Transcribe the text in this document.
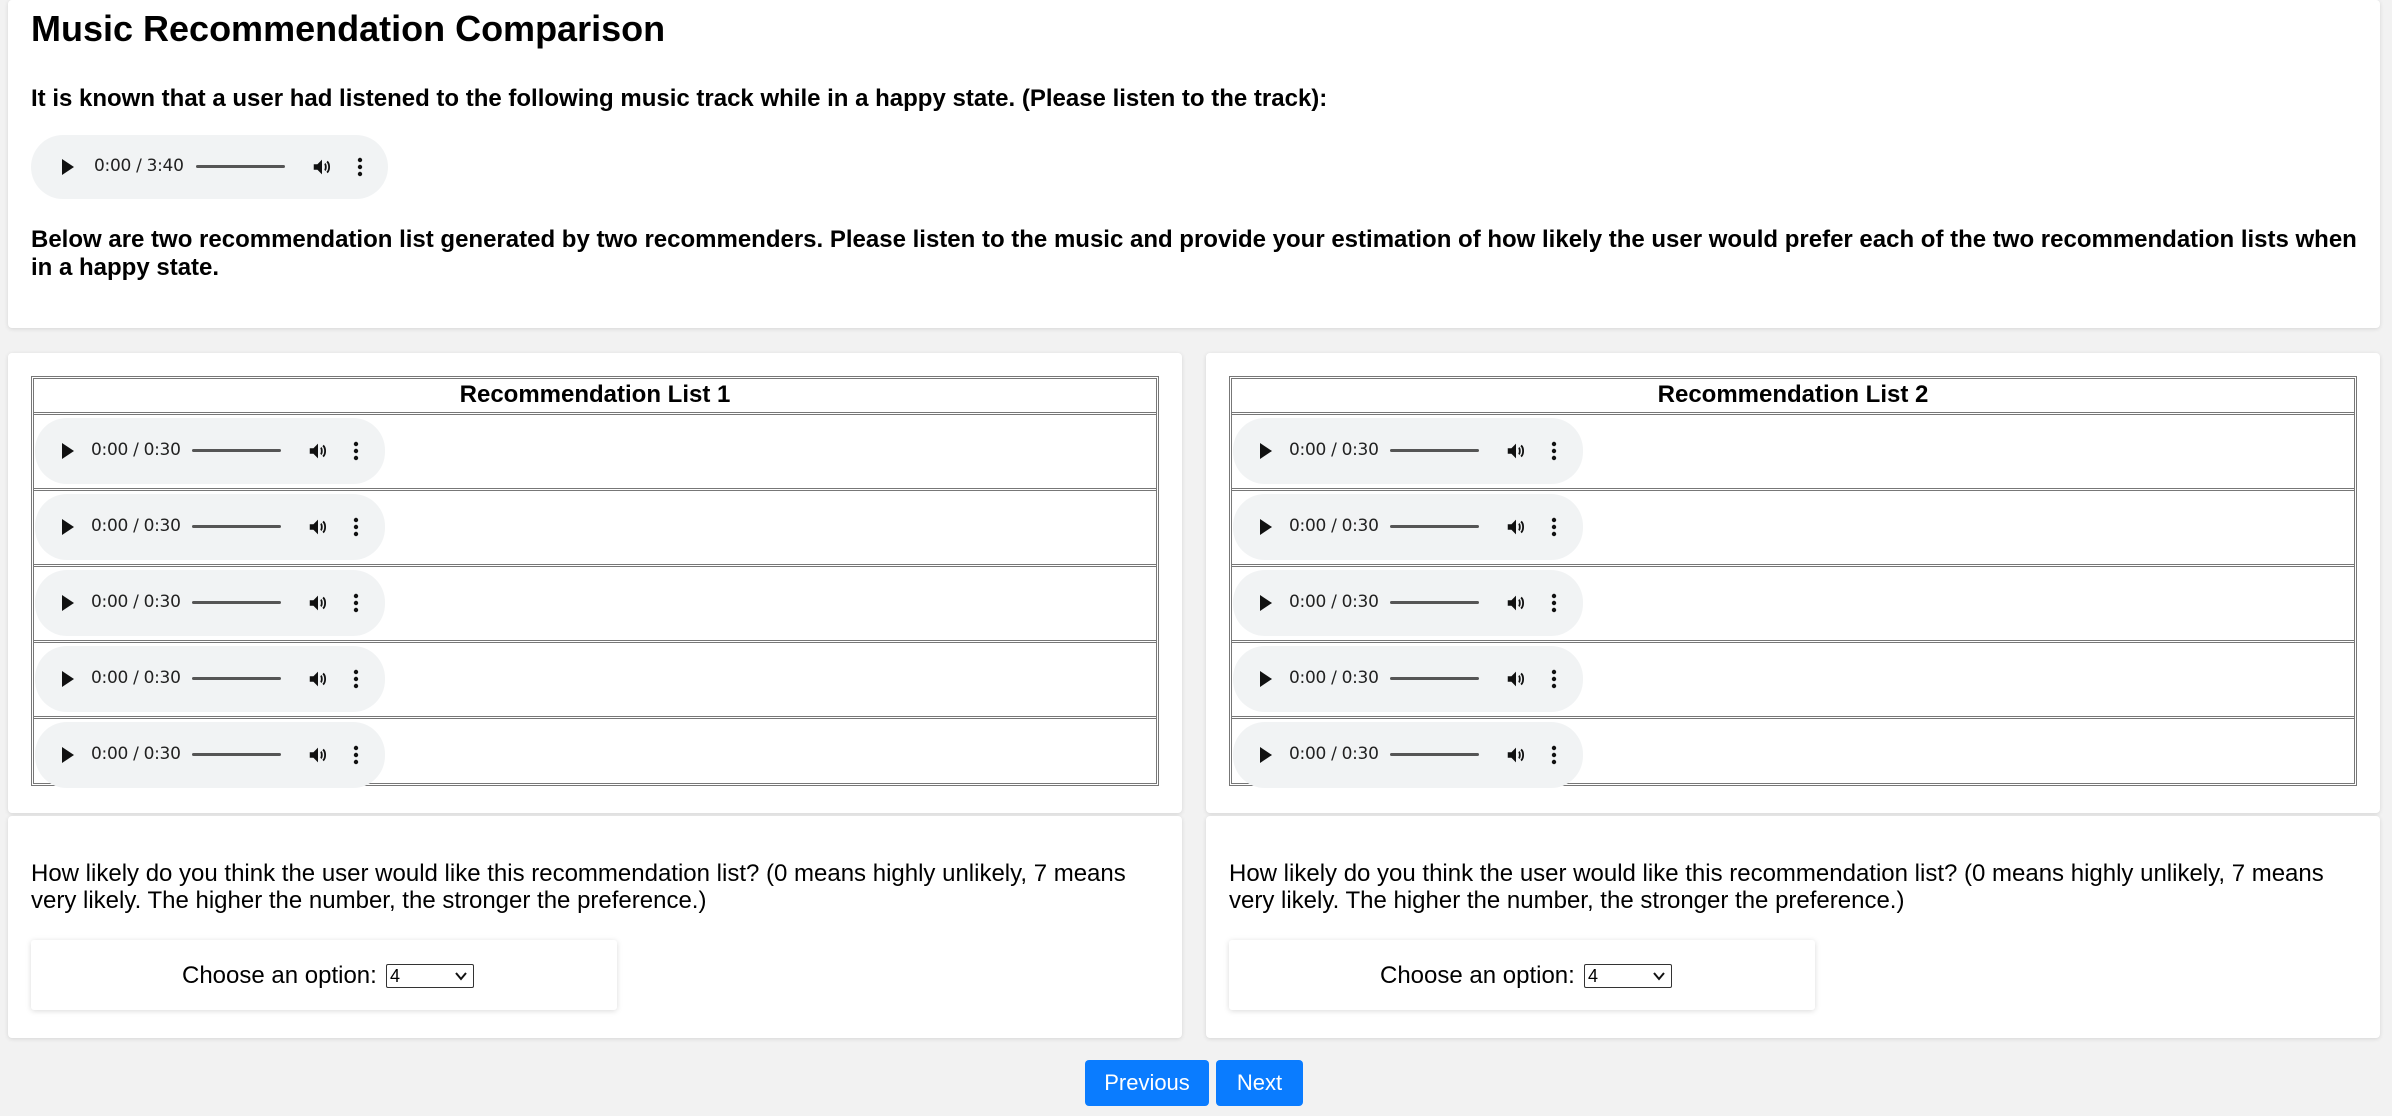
Music Recommendation Comparison

It is known that a user had listened to the following music track while in a happy state. (Please listen to the track):

0:00 / 3:40

Below are two recommendation list generated by two recommenders. Please listen to the music and provide your estimation of how likely the user would prefer each of the two recommendation lists when in a happy state.

Recommendation List 1
0:00 / 0:30
0:00 / 0:30
0:00 / 0:30
0:00 / 0:30
0:00 / 0:30
Recommendation List 2
0:00 / 0:30
0:00 / 0:30
0:00 / 0:30
0:00 / 0:30
0:00 / 0:30

How likely do you think the user would like this recommendation list? (0 means highly unlikely, 7 means very likely. The higher the number, the stronger the preference.)

Choose an option: 4

How likely do you think the user would like this recommendation list? (0 means highly unlikely, 7 means very likely. The higher the number, the stronger the preference.)

Choose an option: 4
Previous	Next
